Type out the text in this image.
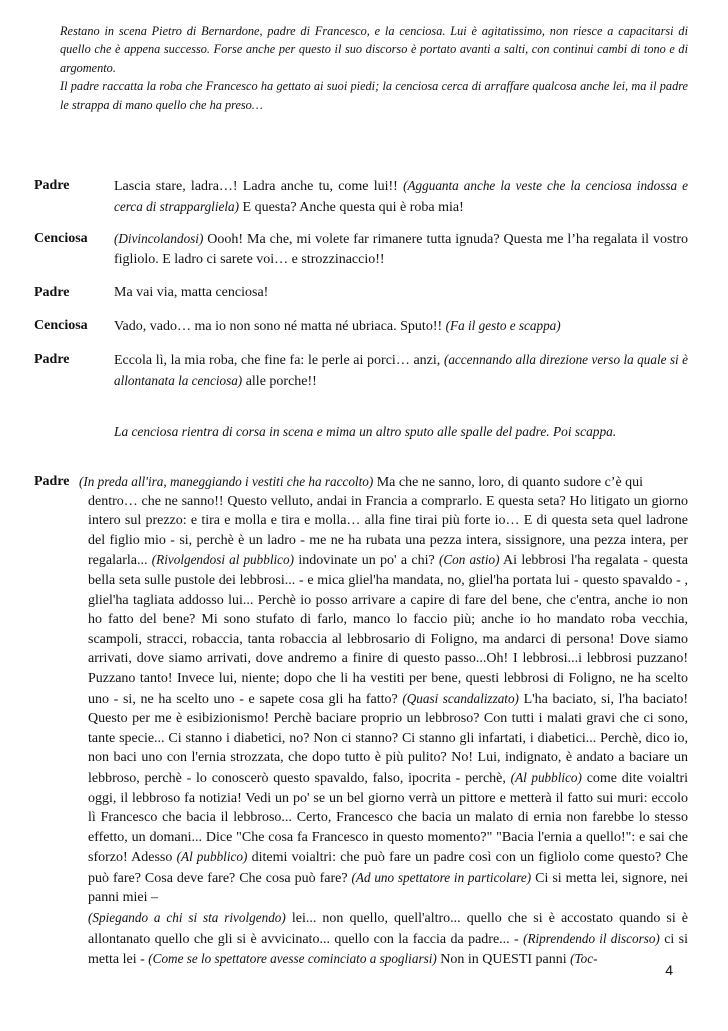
Restano in scena Pietro di Bernardone, padre di Francesco, e la cenciosa. Lui è agitatissimo, non riesce a capacitarsi di quello che è appena successo. Forse anche per questo il suo discorso è portato avanti a salti, con continui cambi di tono e di argomento.

Il padre raccatta la roba che Francesco ha gettato ai suoi piedi; la cenciosa cerca di arraffare qualcosa anche lei, ma il padre le strappa di mano quello che ha preso…

Padre	Lascia stare, ladra…! Ladra anche tu, come lui!! (Agguanta anche la veste che la cenciosa indossa e cerca di strappargliela) E questa? Anche questa qui è roba mia!
Cenciosa (Divincolandosi) Oooh! Ma che, mi volete far rimanere tutta ignuda? Questa me l’ha regalata il vostro figliolo. E ladro ci sarete voi… e strozzinaccio!!
Padre	Ma vai via, matta cenciosa!
Cenciosa Vado, vado… ma io non sono né matta né ubriaca. Sputo!! (Fa il gesto e scappa)
Padre	Eccola lì, la mia roba, che fine fa: le perle ai porci… anzi, (accennando alla direzione verso la quale si è allontanata la cenciosa) alle porche!!
La cenciosa rientra di corsa in scena e mima un altro sputo alle spalle del padre. Poi scappa.
Padre (In preda all'ira, maneggiando i vestiti che ha raccolto) Ma che ne sanno, loro, di quanto sudore c’è qui

dentro… che ne sanno!! Questo velluto, andai in Francia a comprarlo. E questa seta? Ho litigato un giorno intero sul prezzo: e tira e molla e tira e molla… alla fine tirai più forte io… E di questa seta quel ladrone del figlio mio - si, perchè è un ladro - me ne ha rubata una pezza intera, sissignore, una pezza intera, per regalarla... (Rivolgendosi al pubblico) indovinate un po' a chi? (Con astio) Ai lebbrosi l'ha regalata - questa bella seta sulle pustole dei lebbrosi... - e mica gliel'ha mandata, no, gliel'ha portata lui - questo spavaldo - , gliel'ha tagliata addosso lui... Perchè io posso arrivare a capire di fare del bene, che c'entra, anche io non ho fatto del bene? Mi sono stufato di farlo, manco lo faccio più; anche io ho mandato roba vecchia, scampoli, stracci, robaccia, tanta robaccia al lebbrosario di Foligno, ma andarci di persona! Dove siamo arrivati, dove siamo arrivati, dove andremo a finire di questo passo...Oh! I lebbrosi...i lebbrosi puzzano! Puzzano tanto! Invece lui, niente; dopo che li ha vestiti per bene, questi lebbrosi di Foligno, ne ha scelto uno - si, ne ha scelto uno - e sapete cosa gli ha fatto? (Quasi scandalizzato) L'ha baciato, si, l'ha baciato! Questo per me è esibizionismo! Perchè baciare proprio un lebbroso? Con tutti i malati gravi che ci sono, tante specie... Ci stanno i diabetici, no? Non ci stanno? Ci stanno gli infartati, i diabetici... Perchè, dico io, non baci uno con l'ernia strozzata, che dopo tutto è più pulito? No! Lui, indignato, è andato a baciare un lebbroso, perchè - lo conoscerò questo spavaldo, falso, ipocrita - perchè, (Al pubblico) come dite voialtri oggi, il lebbroso fa notizia! Vedi un po' se un bel giorno verrà un pittore e metterà il fatto sui muri: eccolo lì Francesco che bacia il lebbroso... Certo, Francesco che bacia un malato di ernia non farebbe lo stesso effetto, un domani... Dice "Che cosa fa Francesco in questo momento?" "Bacia l'ernia a quello!": e sai che sforzo! Adesso (Al pubblico) ditemi voialtri: che può fare un padre così con un figliolo come questo? Che può fare? Cosa deve fare? Che cosa può fare? (Ad uno spettatore in particolare) Ci si metta lei, signore, nei panni miei –

(Spiegando a chi si sta rivolgendo) lei... non quello, quell'altro... quello che si è accostato quando si è allontanato quello che gli si è avvicinato... quello con la faccia da padre... - (Riprendendo il discorso) ci si metta lei - (Come se lo spettatore avesse cominciato a spogliarsi) Non in QUESTI panni (Toc-

4
